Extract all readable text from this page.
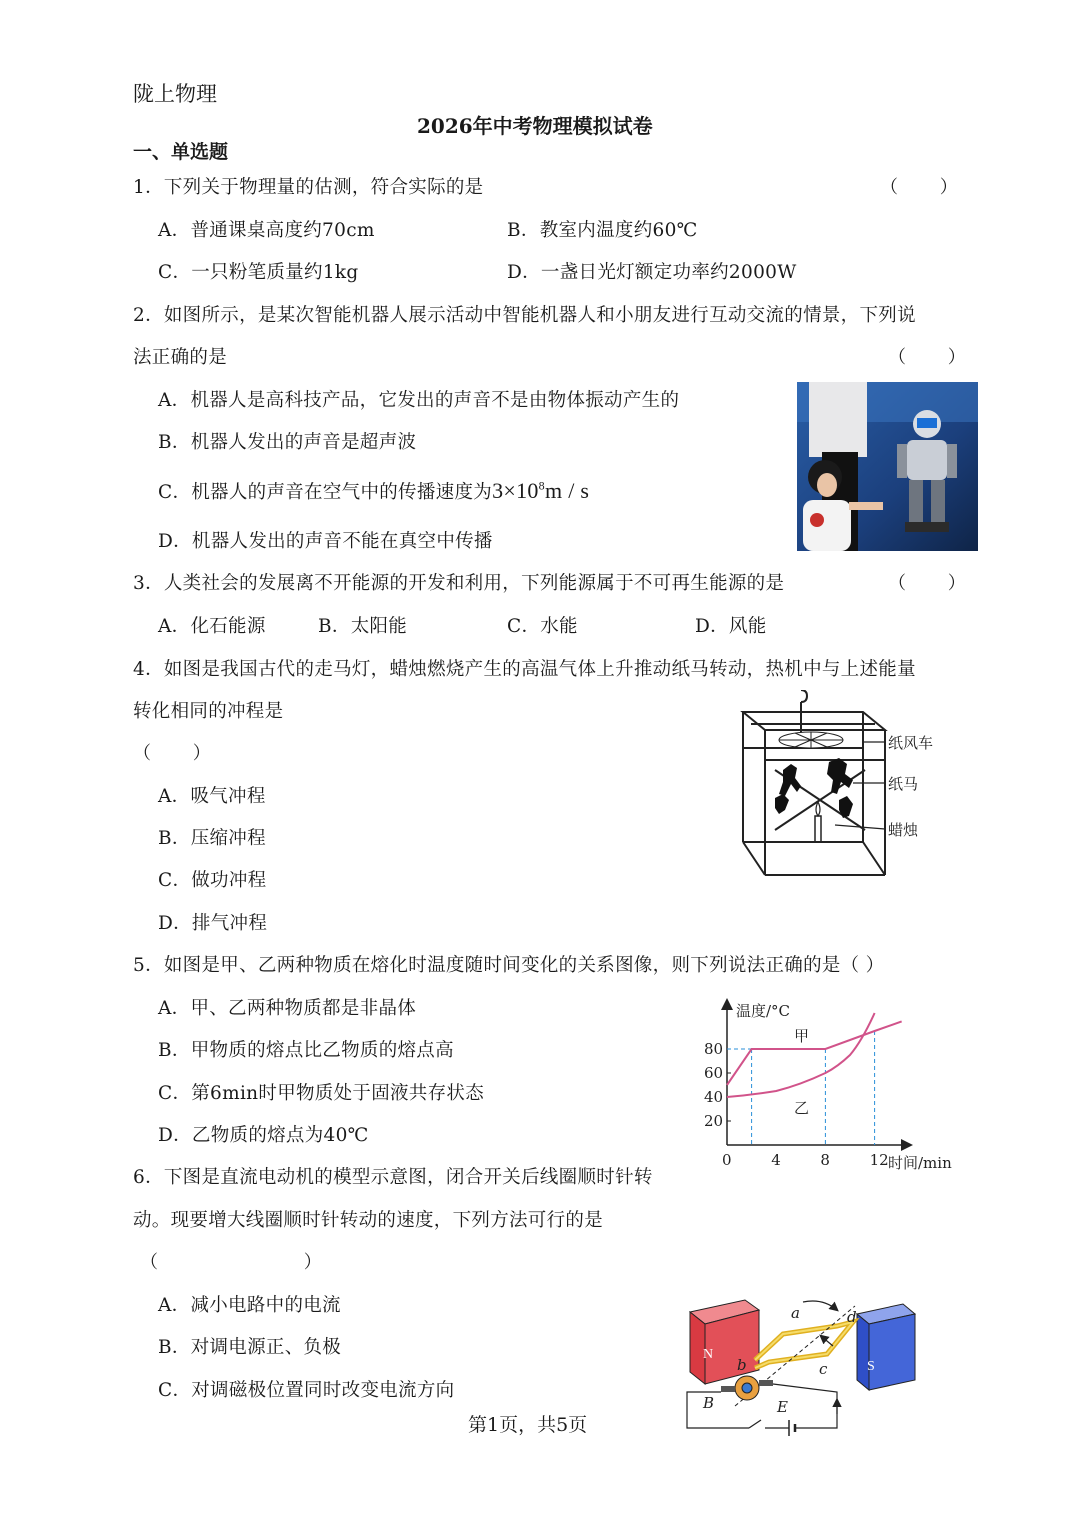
陇上物理
2026年中考物理模拟试卷
一、单选题
1．下列关于物理量的估测，符合实际的是	（ ）
A．普通课桌高度约70cm	B．教室内温度约60℃
C．一只粉笔质量约1kg	D．一盏日光灯额定功率约2000W
2．如图所示，是某次智能机器人展示活动中智能机器人和小朋友进行互动交流的情景，下列说
法正确的是	（ ）
A．机器人是高科技产品，它发出的声音不是由物体振动产生的
B．机器人发出的声音是超声波
C．机器人的声音在空气中的传播速度为$3\times 10^8m / s$
D．机器人发出的声音不能在真空中传播
3．人类社会的发展离不开能源的开发和利用，下列能源属于不可再生能源的是	（ ）
A．化石能源	B．太阳能	C．水能	D．风能
4．如图是我国古代的走马灯，蜡烛燃烧产生的高温气体上升推动纸马转动，热机中与上述能量
转化相同的冲程是
（ ）
A．吸气冲程
B．压缩冲程
C．做功冲程
D．排气冲程
纸风车
纸马
蜡烛
5．如图是甲、乙两种物质在熔化时温度随时间变化的关系图像，则下列说法正确的是（ ）
A．甲、乙两种物质都是非晶体
B．甲物质的熔点比乙物质的熔点高
C．第6min时甲物质处于固液共存状态
D．乙物质的熔点为40℃
温度/°C
时间/min
0	4	8	12
20
40
60
80
甲
乙
6．下图是直流电动机的模型示意图，闭合开关后线圈顺时针转
动。现要增大线圈顺时针转动的速度，下列方法可行的是
（ ）
A．减小电路中的电流
B．对调电源正、负极
C．对调磁极位置同时改变电流方向
N
S
a
b	c
d
B	E
第1页，共5页
